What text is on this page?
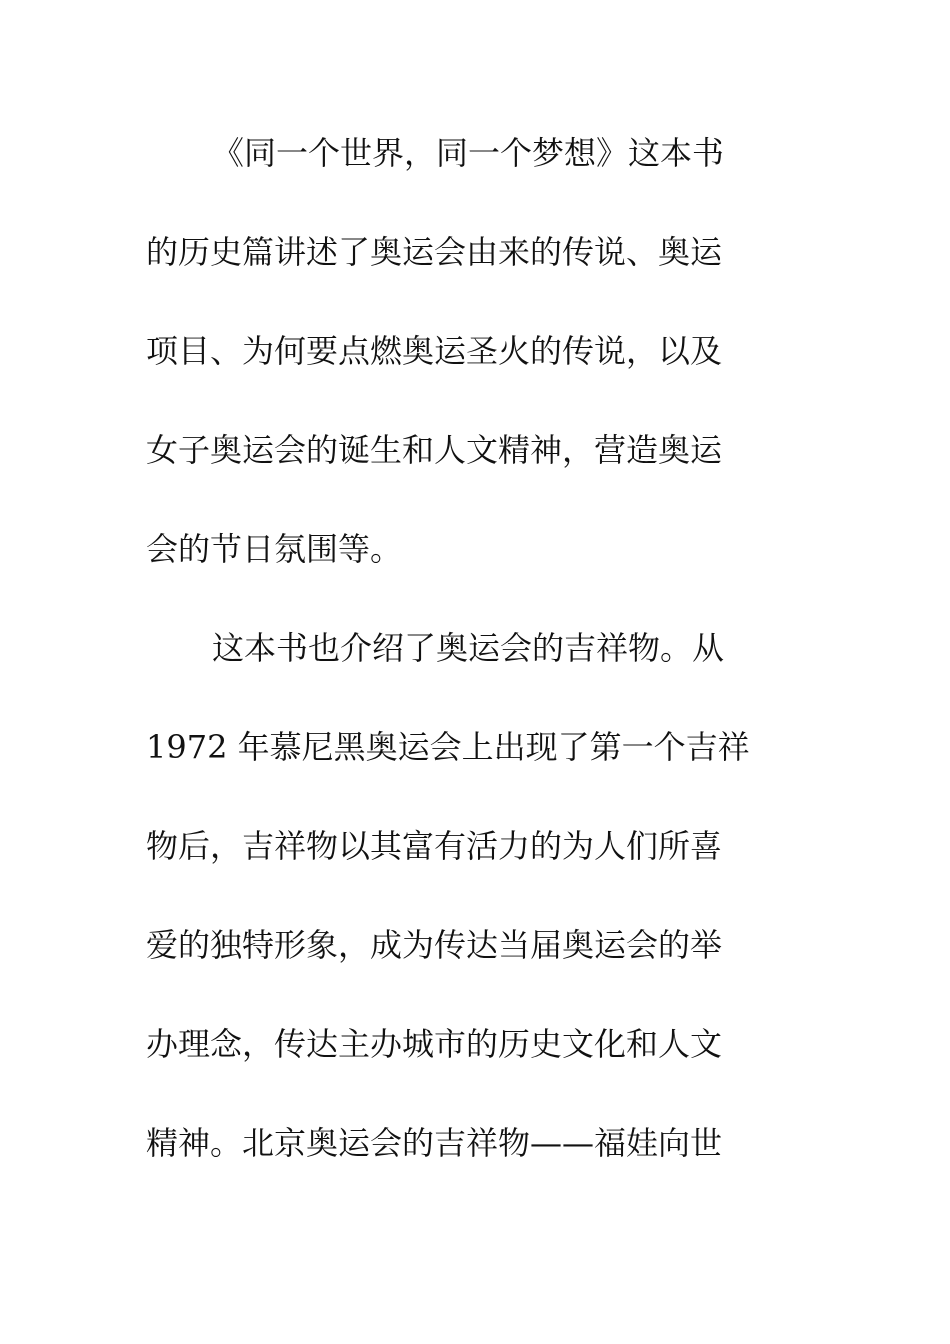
《同一个世界，同一个梦想》这本书
的历史篇讲述了奥运会由来的传说、奥运
项目、为何要点燃奥运圣火的传说，以及
女子奥运会的诞生和人文精神，营造奥运
会的节日氛围等。
这本书也介绍了奥运会的吉祥物。从
1972 年慕尼黑奥运会上出现了第一个吉祥
物后，吉祥物以其富有活力的为人们所喜
爱的独特形象，成为传达当届奥运会的举
办理念，传达主办城市的历史文化和人文
精神。北京奥运会的吉祥物——福娃向世
